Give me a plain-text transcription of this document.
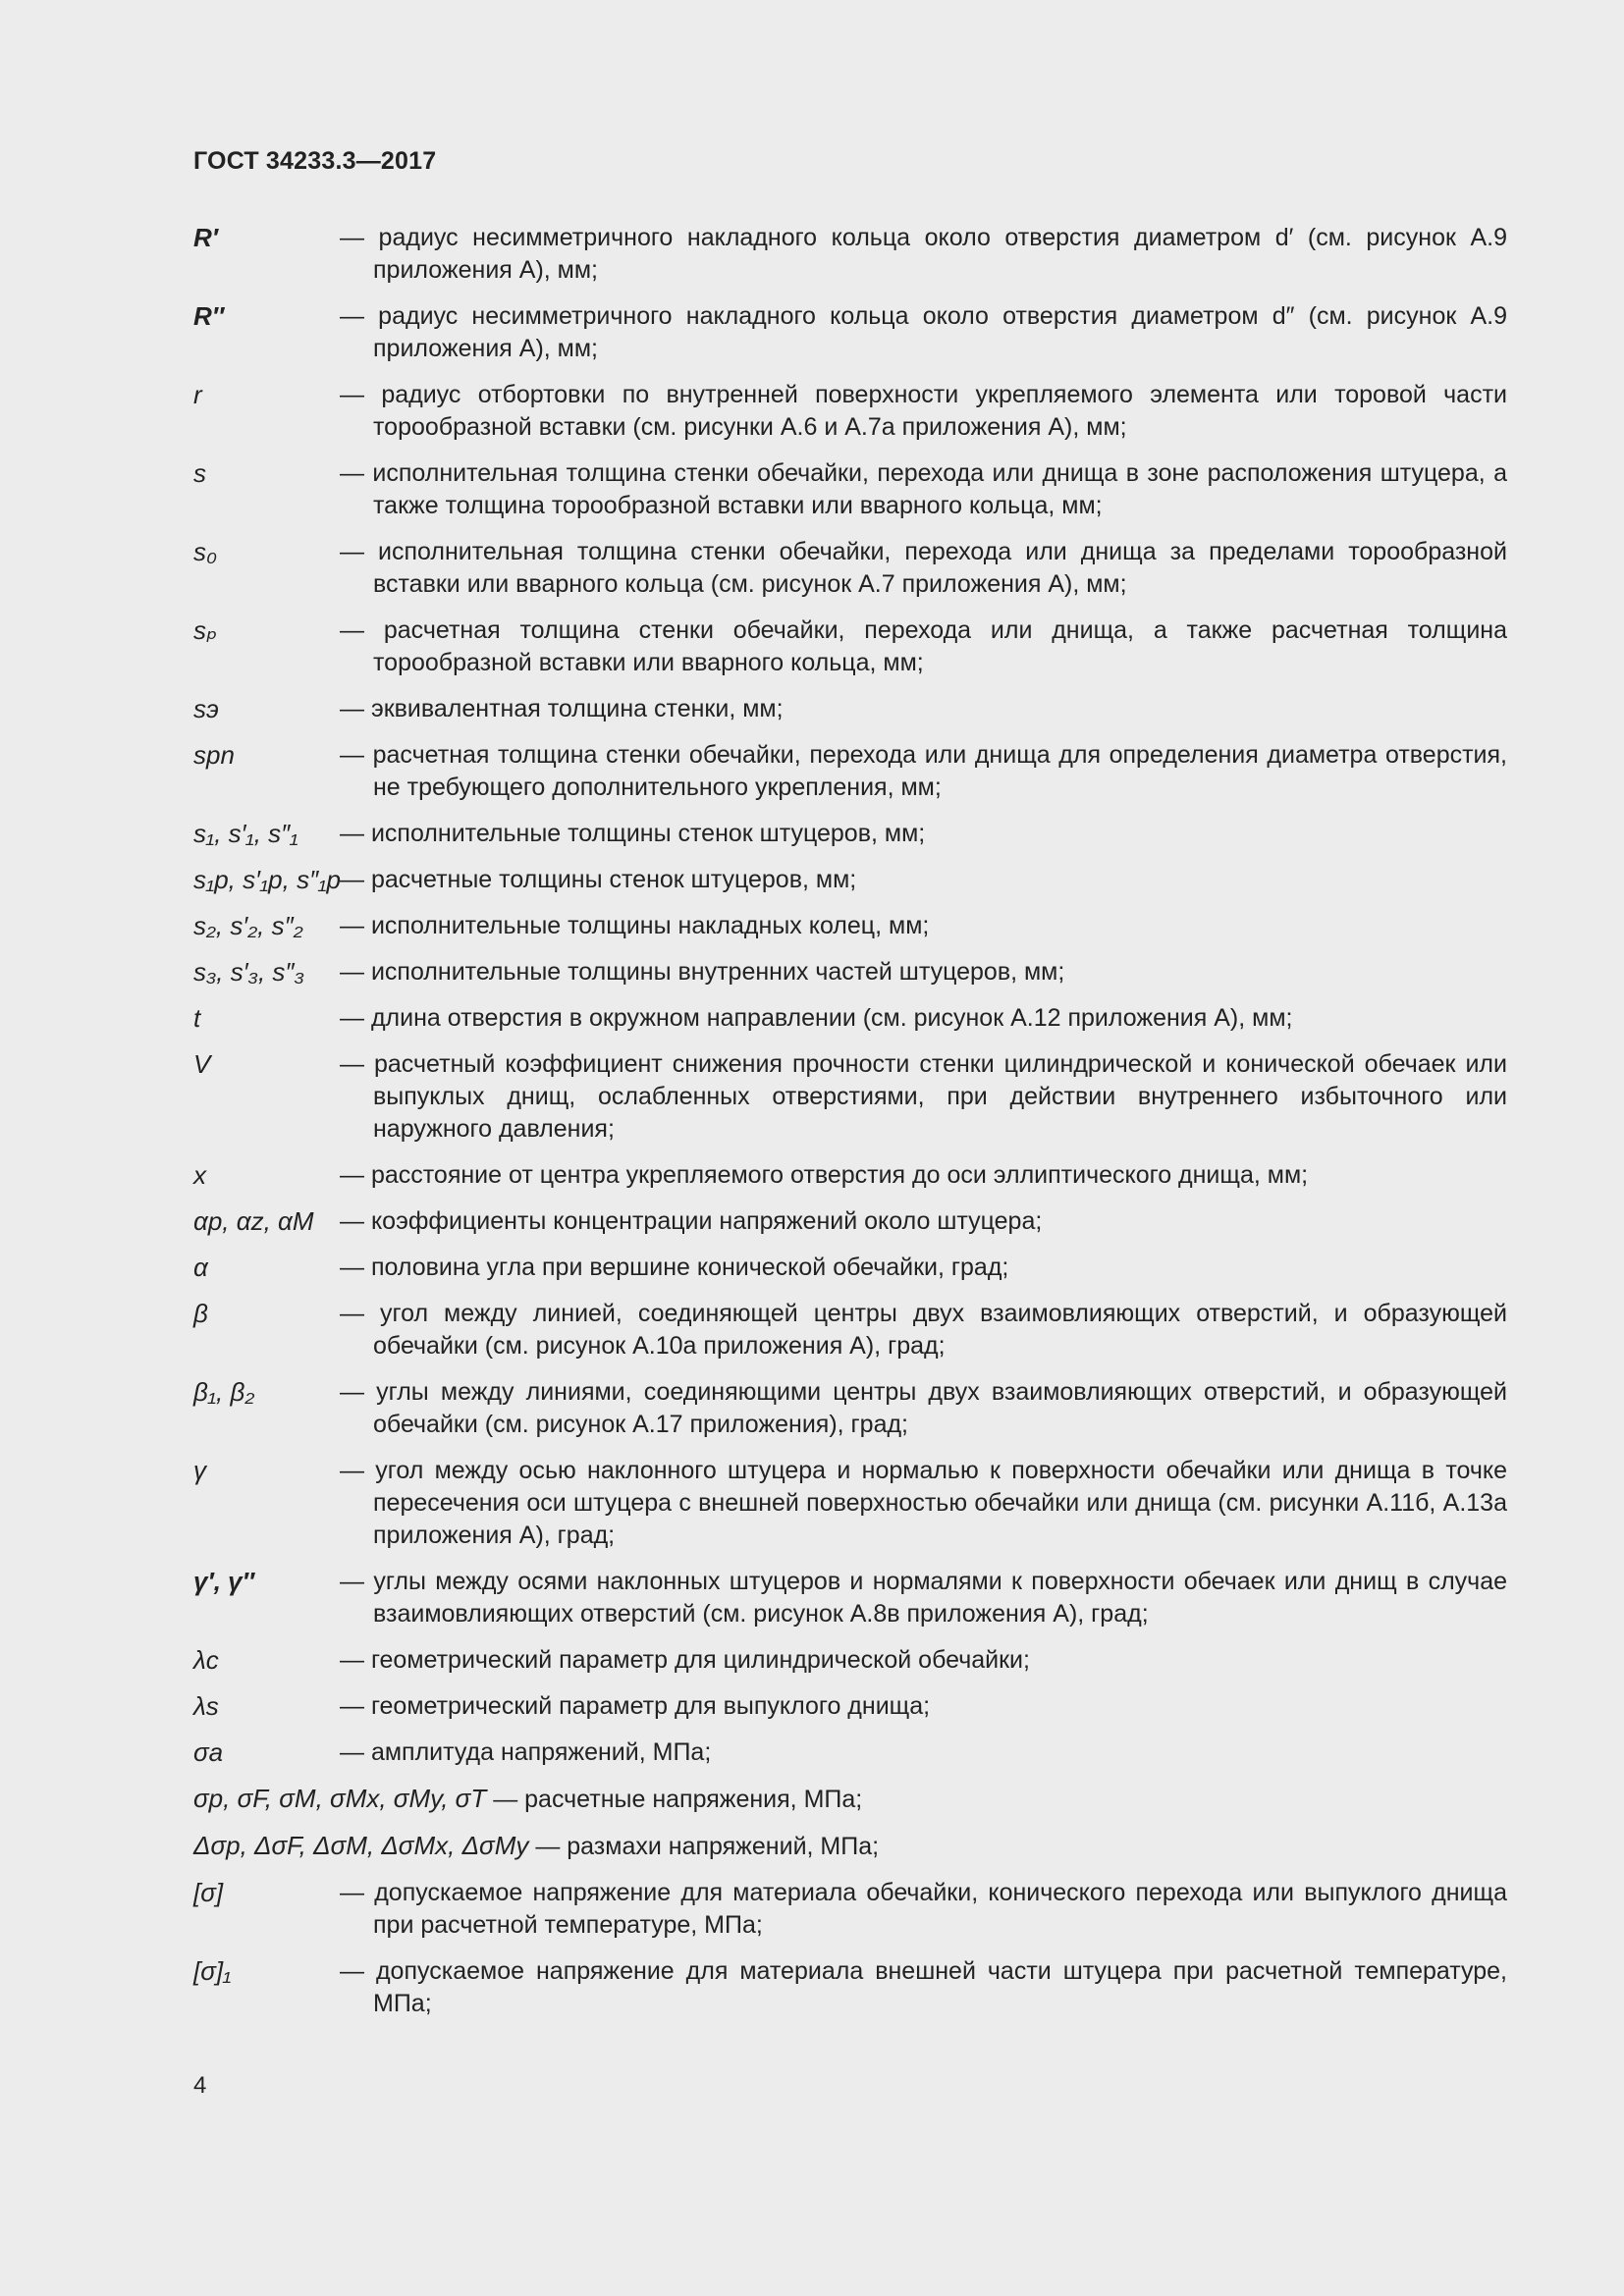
ГОСТ 34233.3—2017
R′	— радиус несимметричного накладного кольца около отверстия диаметром d′ (см. рисунок А.9 приложения А), мм;
R″	— радиус несимметричного накладного кольца около отверстия диаметром d″ (см. рисунок А.9 приложения А), мм;
r	— радиус отбортовки по внутренней поверхности укрепляемого элемента или торовой части торообразной вставки (см. рисунки А.6 и А.7а приложения А), мм;
s	— исполнительная толщина стенки обечайки, перехода или днища в зоне расположения штуцера, а также толщина торообразной вставки или вварного кольца, мм;
s₀	— исполнительная толщина стенки обечайки, перехода или днища за пределами торообразной вставки или вварного кольца (см. рисунок А.7 приложения А), мм;
sₚ	— расчетная толщина стенки обечайки, перехода или днища, а также расчетная толщина торообразной вставки или вварного кольца, мм;
sэ	— эквивалентная толщина стенки, мм;
spn	— расчетная толщина стенки обечайки, перехода или днища для определения диаметра отверстия, не требующего дополнительного укрепления, мм;
s₁, s′₁, s″₁ — исполнительные толщины стенок штуцеров, мм;
s₁p, s′₁p, s″₁p — расчетные толщины стенок штуцеров, мм;
s₂, s′₂, s″₂ — исполнительные толщины накладных колец, мм;
s₃, s′₃, s″₃ — исполнительные толщины внутренних частей штуцеров, мм;
t	— длина отверстия в окружном направлении (см. рисунок А.12 приложения А), мм;
V	— расчетный коэффициент снижения прочности стенки цилиндрической и конической обечаек или выпуклых днищ, ослабленных отверстиями, при действии внутреннего избыточного или наружного давления;
x	— расстояние от центра укрепляемого отверстия до оси эллиптического днища, мм;
αp, αz, αM — коэффициенты концентрации напряжений около штуцера;
α	— половина угла при вершине конической обечайки, град;
β	— угол между линией, соединяющей центры двух взаимовлияющих отверстий, и образующей обечайки (см. рисунок А.10а приложения А), град;
β₁, β₂	— углы между линиями, соединяющими центры двух взаимовлияющих отверстий, и образующей обечайки (см. рисунок А.17 приложения), град;
γ	— угол между осью наклонного штуцера и нормалью к поверхности обечайки или днища в точке пересечения оси штуцера с внешней поверхностью обечайки или днища (см. рисунки А.11б, А.13а приложения А), град;
γ′, γ″	— углы между осями наклонных штуцеров и нормалями к поверхности обечаек или днищ в случае взаимовлияющих отверстий (см. рисунок А.8в приложения А), град;
λc	— геометрический параметр для цилиндрической обечайки;
λs	— геометрический параметр для выпуклого днища;
σa	— амплитуда напряжений, МПа;
σp, σF, σM, σMx, σMy, σT — расчетные напряжения, МПа;
Δσp, ΔσF, ΔσM, ΔσMx, ΔσMy — размахи напряжений, МПа;
[σ]	— допускаемое напряжение для материала обечайки, конического перехода или выпуклого днища при расчетной температуре, МПа;
[σ]₁	— допускаемое напряжение для материала внешней части штуцера при расчетной температуре, МПа;
4
